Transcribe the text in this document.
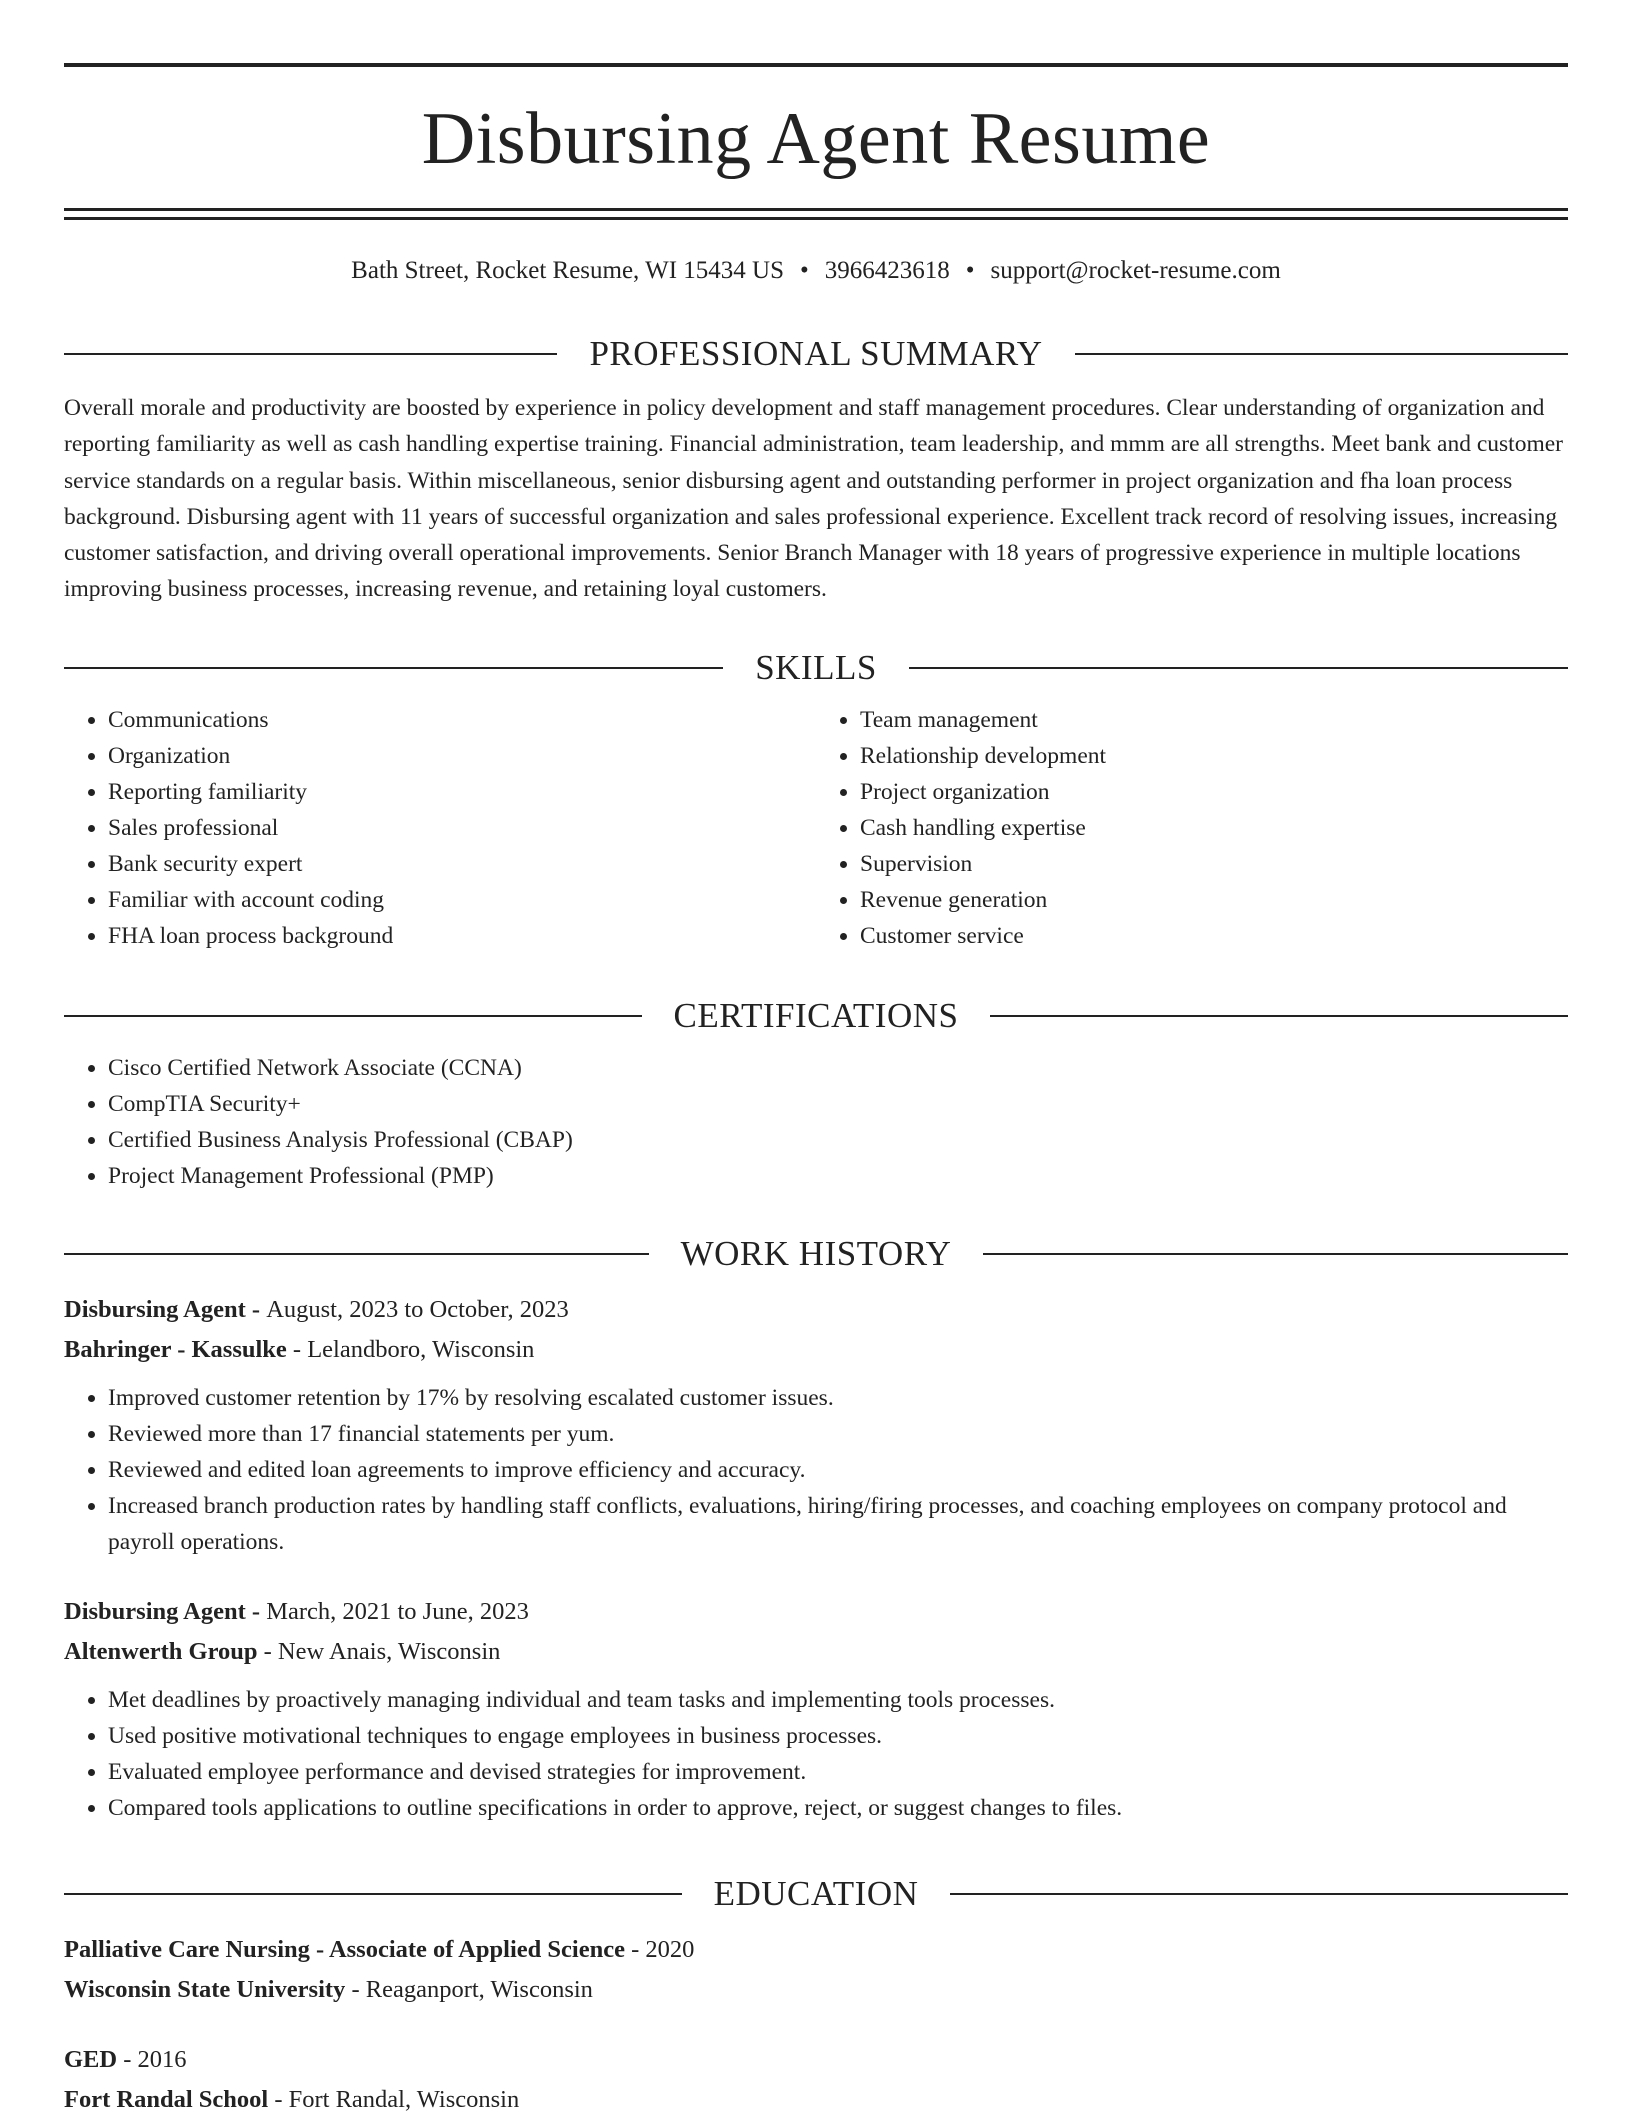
Disbursing Agent Resume
Bath Street, Rocket Resume, WI 15434 US • 3966423618 • support@rocket-resume.com
PROFESSIONAL SUMMARY

Overall morale and productivity are boosted by experience in policy development and staff management procedures. Clear understanding of organization and reporting familiarity as well as cash handling expertise training. Financial administration, team leadership, and mmm are all strengths. Meet bank and customer service standards on a regular basis. Within miscellaneous, senior disbursing agent and outstanding performer in project organization and fha loan process background. Disbursing agent with 11 years of successful organization and sales professional experience. Excellent track record of resolving issues, increasing customer satisfaction, and driving overall operational improvements. Senior Branch Manager with 18 years of progressive experience in multiple locations improving business processes, increasing revenue, and retaining loyal customers.

SKILLS
• Communications
• Organization
• Reporting familiarity
• Sales professional
• Bank security expert
• Familiar with account coding
• FHA loan process background
• Team management
• Relationship development
• Project organization
• Cash handling expertise
• Supervision
• Revenue generation
• Customer service
CERTIFICATIONS
• Cisco Certified Network Associate (CCNA)
• CompTIA Security+
• Certified Business Analysis Professional (CBAP)
• Project Management Professional (PMP)
WORK HISTORY
Disbursing Agent - August, 2023 to October, 2023
Bahringer - Kassulke - Lelandboro, Wisconsin
• Improved customer retention by 17% by resolving escalated customer issues.
• Reviewed more than 17 financial statements per yum.
• Reviewed and edited loan agreements to improve efficiency and accuracy.
• Increased branch production rates by handling staff conflicts, evaluations, hiring/firing processes, and coaching employees on company protocol and payroll operations.
Disbursing Agent - March, 2021 to June, 2023
Altenwerth Group - New Anais, Wisconsin
• Met deadlines by proactively managing individual and team tasks and implementing tools processes.
• Used positive motivational techniques to engage employees in business processes.
• Evaluated employee performance and devised strategies for improvement.
• Compared tools applications to outline specifications in order to approve, reject, or suggest changes to files.
EDUCATION
Palliative Care Nursing - Associate of Applied Science - 2020
Wisconsin State University - Reaganport, Wisconsin
GED - 2016
Fort Randal School - Fort Randal, Wisconsin
